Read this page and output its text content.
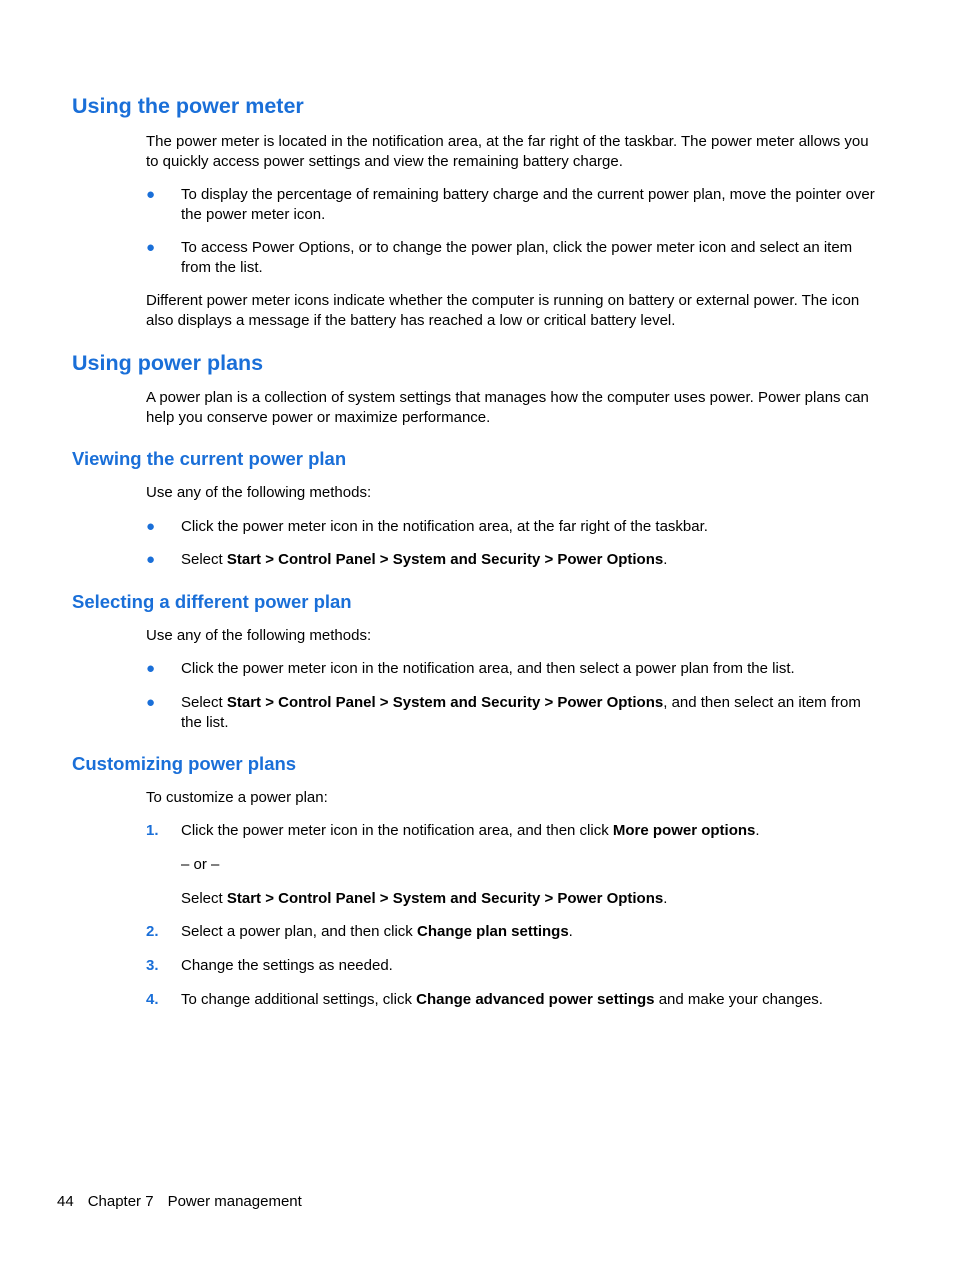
Using the power meter
The power meter is located in the notification area, at the far right of the taskbar. The power meter allows you to quickly access power settings and view the remaining battery charge.
● To display the percentage of remaining battery charge and the current power plan, move the pointer over the power meter icon.
● To access Power Options, or to change the power plan, click the power meter icon and select an item from the list.
Different power meter icons indicate whether the computer is running on battery or external power. The icon also displays a message if the battery has reached a low or critical battery level.
Using power plans
A power plan is a collection of system settings that manages how the computer uses power. Power plans can help you conserve power or maximize performance.
Viewing the current power plan
Use any of the following methods:
● Click the power meter icon in the notification area, at the far right of the taskbar.
● Select Start > Control Panel > System and Security > Power Options.
Selecting a different power plan
Use any of the following methods:
● Click the power meter icon in the notification area, and then select a power plan from the list.
● Select Start > Control Panel > System and Security > Power Options, and then select an item from the list.
Customizing power plans
To customize a power plan:
1. Click the power meter icon in the notification area, and then click More power options.
– or –
Select Start > Control Panel > System and Security > Power Options.
2. Select a power plan, and then click Change plan settings.
3. Change the settings as needed.
4. To change additional settings, click Change advanced power settings and make your changes.
44 Chapter 7 Power management
